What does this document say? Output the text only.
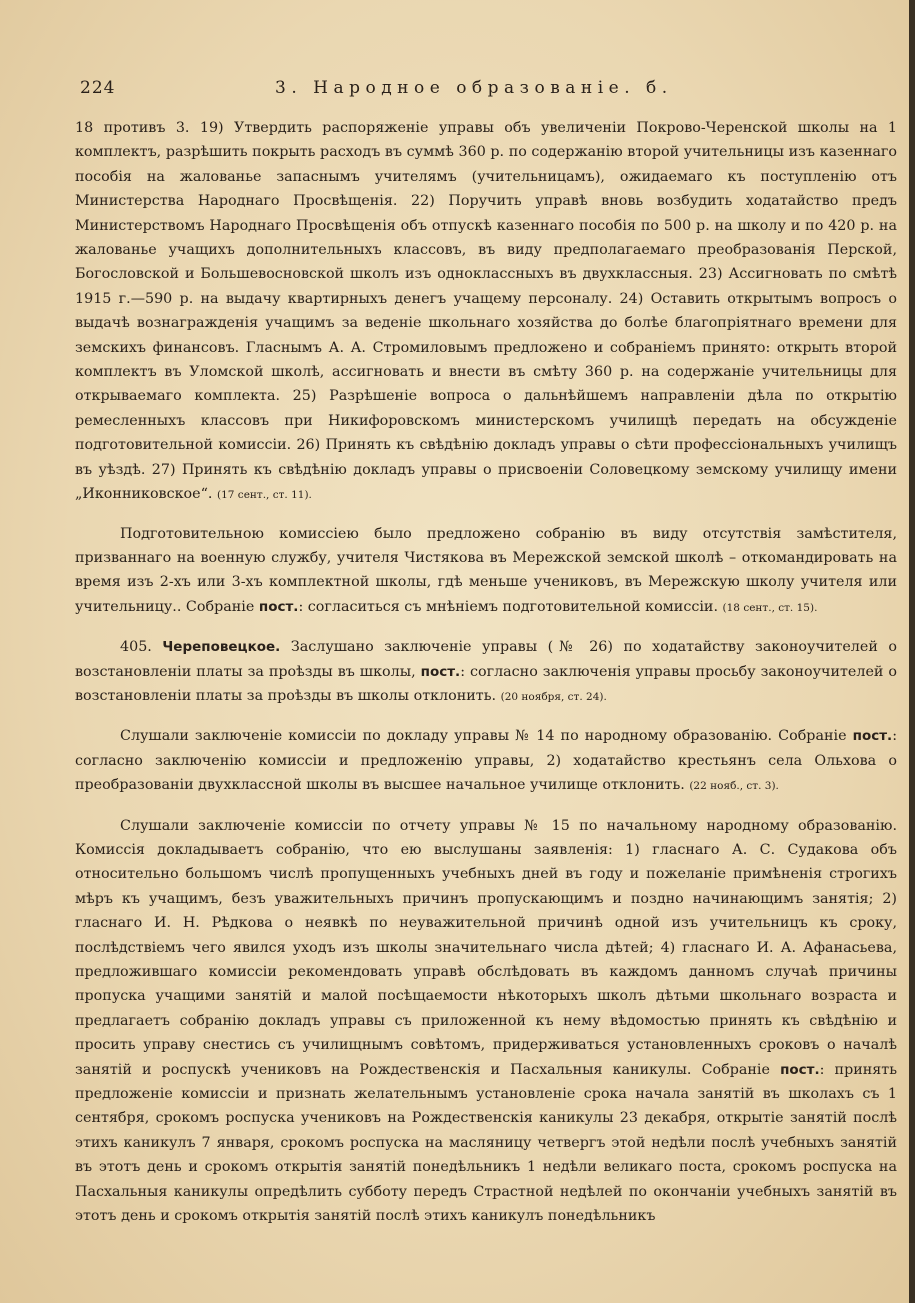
224	3. Народное образованіе. б.

18 противъ 3. 19) Утвердить распоряженіе управы объ увеличеніи Покрово-Черенской школы на 1 комплектъ, разрѣшить покрыть расходъ въ суммѣ 360 р. по содержанію второй учительницы изъ казеннаго пособія на жалованье запаснымъ учителямъ (учительницамъ), ожидаемаго къ поступленію отъ Министерства Народнаго Просвѣщенія. 22) Поручить управѣ вновь возбудить ходатайство предъ Министерствомъ Народнаго Просвѣщенія объ отпускѣ казеннаго пособія по 500 р. на школу и по 420 р. на жалованье учащихъ дополнительныхъ классовъ, въ виду предполагаемаго преобразованія Перской, Богословской и Большевосновской школъ изъ одноклассныхъ въ двухклассныя. 23) Ассигновать по смѣтѣ 1915 г.—590 р. на выдачу квартирныхъ денегъ учащему персоналу. 24) Оставить открытымъ вопросъ о выдачѣ вознагражденія учащимъ за веденіе школьнаго хозяйства до болѣе благопріятнаго времени для земскихъ финансовъ. Гласнымъ А. А. Стромиловымъ предложено и собраніемъ принято: открыть второй комплектъ въ Уломской школѣ, ассигновать и внести въ смѣту 360 р. на содержаніе учительницы для открываемаго комплекта. 25) Разрѣшеніе вопроса о дальнѣйшемъ направленіи дѣла по открытію ремесленныхъ классовъ при Никифоровскомъ министерскомъ училищѣ передать на обсужденіе подготовительной комиссіи. 26) Принять къ свѣдѣнію докладъ управы о сѣти профессіональныхъ училищъ въ уѣздѣ. 27) Принять къ свѣдѣнію докладъ управы о присвоеніи Соловецкому земскому училищу имени „Иконниковское“. (17 сент., ст. 11).

Подготовительною комиссіею было предложено собранію въ виду отсутствія замѣстителя, призваннаго на военную службу, учителя Чистякова въ Мережской земской школѣ – откомандировать на время изъ 2-хъ или 3-хъ комплектной школы, гдѣ меньше учениковъ, въ Мережскую школу учителя или учительницу.. Собраніе пост.: согласиться съ мнѣніемъ подготовительной комиссіи. (18 сент., ст. 15).

405. Череповецкое. Заслушано заключеніе управы (№ 26) по ходатайству законоучителей о возстановленіи платы за проѣзды въ школы, пост.: согласно заключенія управы просьбу законоучителей о возстановленіи платы за проѣзды въ школы отклонить. (20 ноября, ст. 24).

Слушали заключеніе комиссіи по докладу управы № 14 по народному образованію. Собраніе пост.: согласно заключенію комиссіи и предложенію управы, 2) ходатайство крестьянъ села Ольхова о преобразованіи двухклассной школы въ высшее начальное училище отклонить. (22 нояб., ст. 3).

Слушали заключеніе комиссіи по отчету управы № 15 по начальному народному образованію. Комиссія докладываетъ собранію, что ею выслушаны заявленія: 1) гласнаго А. С. Судакова объ относительно большомъ числѣ пропущенныхъ учебныхъ дней въ году и пожеланіе примѣненія строгихъ мѣръ къ учащимъ, безъ уважительныхъ причинъ пропускающимъ и поздно начинающимъ занятія; 2) гласнаго И. Н. Рѣдкова о неявкѣ по неуважительной причинѣ одной изъ учительницъ къ сроку, послѣдствіемъ чего явился уходъ изъ школы значительнаго числа дѣтей; 4) гласнаго И. А. Афанасьева, предложившаго комиссіи рекомендовать управѣ обслѣдовать въ каждомъ данномъ случаѣ причины пропуска учащими занятій и малой посѣщаемости нѣкоторыхъ школъ дѣтьми школьнаго возраста и предлагаетъ собранію докладъ управы съ приложенной къ нему вѣдомостью принять къ свѣдѣнію и просить управу снестись съ училищнымъ совѣтомъ, придерживаться установленныхъ сроковъ о началѣ занятій и роспускѣ учениковъ на Рождественскія и Пасхальныя каникулы. Собраніе пост.: принять предложеніе комиссіи и признать желательнымъ установленіе срока начала занятій въ школахъ съ 1 сентября, срокомъ роспуска учениковъ на Рождественскія каникулы 23 декабря, открытіе занятій послѣ этихъ каникулъ 7 января, срокомъ роспуска на масляницу четвергъ этой недѣли послѣ учебныхъ занятій въ этотъ день и срокомъ открытія занятій понедѣльникъ 1 недѣли великаго поста, срокомъ роспуска на Пасхальныя каникулы опредѣлить субботу передъ Страстной недѣлей по окончаніи учебныхъ занятій въ этотъ день и срокомъ открытія занятій послѣ этихъ каникулъ понедѣльникъ
